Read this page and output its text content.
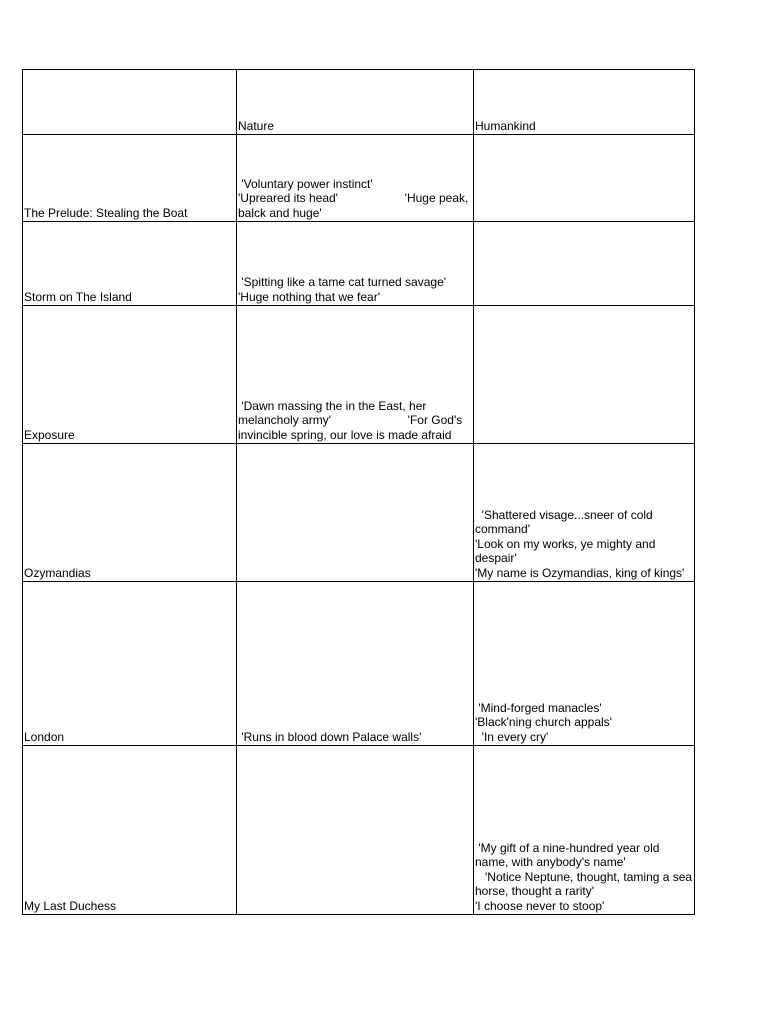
	Nature	Humankind
The Prelude: Stealing the Boat	'Voluntary power instinct'
'Upreared its head'                    'Huge peak, balck and huge'	
Storm on The Island	'Spitting like a tame cat turned savage'                                  'Huge nothing that we fear'	
Exposure	'Dawn massing the in the East, her melancholy army'                       'For God's invincible spring, our love is made afraid	
Ozymandias		'Shattered visage...sneer of cold command'
'Look on my works, ye mighty and despair'
'My name is Ozymandias, king of kings'
London	'Runs in blood down Palace walls'	'Mind-forged manacles'
'Black'ning church appals'
'In every cry'
My Last Duchess		'My gift of a nine-hundred year old name, with anybody's name'
'Notice Neptune, thought, taming a sea horse, thought a rarity'
'I choose never to stoop'
